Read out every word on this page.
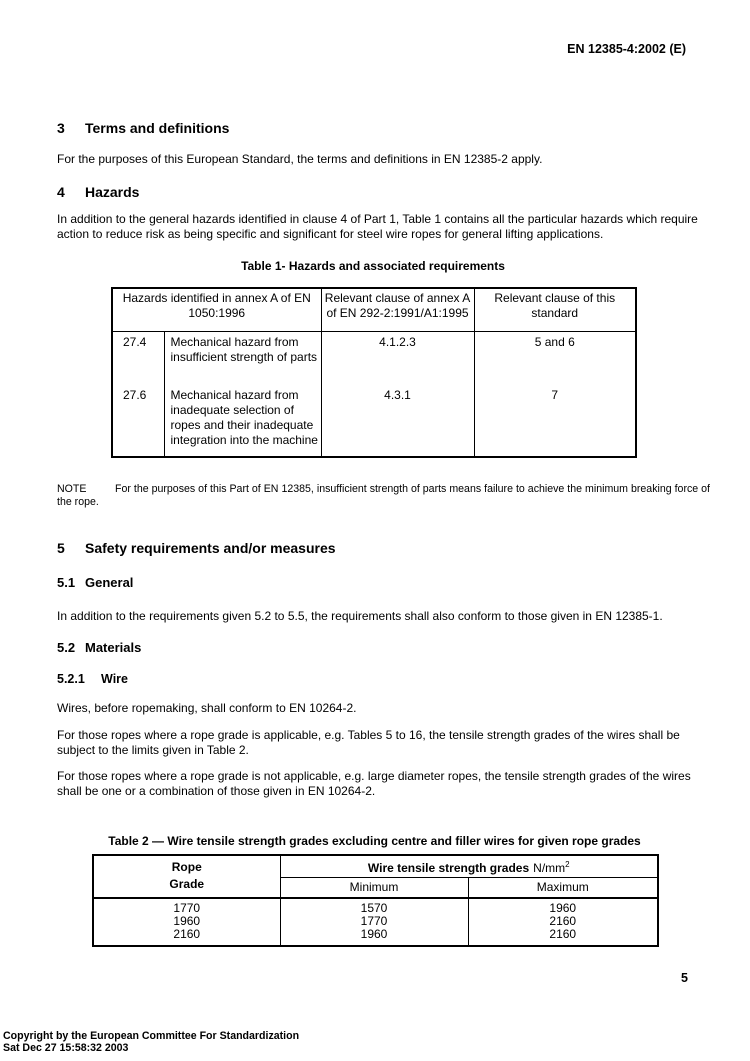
EN 12385-4:2002 (E)
3 Terms and definitions

For the purposes of this European Standard, the terms and definitions in EN 12385-2 apply.

4 Hazards

In addition to the general hazards identified in clause 4 of Part 1, Table 1 contains all the particular hazards which require action to reduce risk as being specific and significant for steel wire ropes for general lifting applications.

Table 1- Hazards and associated requirements
Hazards identified in annex A of EN 1050:1996		Relevant clause of annex A of EN 292-2:1991/A1:1995	Relevant clause of this standard
27.4	Mechanical hazard from insufficient strength of parts	4.1.2.3	5 and 6
27.6	Mechanical hazard from inadequate selection of ropes and their inadequate integration into the machine	4.3.1	7

NOTE	For the purposes of this Part of EN 12385, insufficient strength of parts means failure to achieve the minimum breaking force of the rope.

5 Safety requirements and/or measures
5.1 General

In addition to the requirements given 5.2 to 5.5, the requirements shall also conform to those given in EN 12385-1.

5.2 Materials
5.2.1 Wire

Wires, before ropemaking, shall conform to EN 10264-2.

For those ropes where a rope grade is applicable, e.g. Tables 5 to 16, the tensile strength grades of the wires shall be subject to the limits given in Table 2.

For those ropes where a rope grade is not applicable, e.g. large diameter ropes, the tensile strength grades of the wires shall be one or a combination of those given in EN 10264-2.

Table 2 — Wire tensile strength grades excluding centre and filler wires for given rope grades
Rope
Grade	Wire tensile strength grades $N/mm^2$
	Minimum	Maximum
1770	1570	1960
1960	1770	2160
2160	1960	2160
5
Copyright by the European Committee For Standardization
Sat Dec 27 15:58:32 2003
